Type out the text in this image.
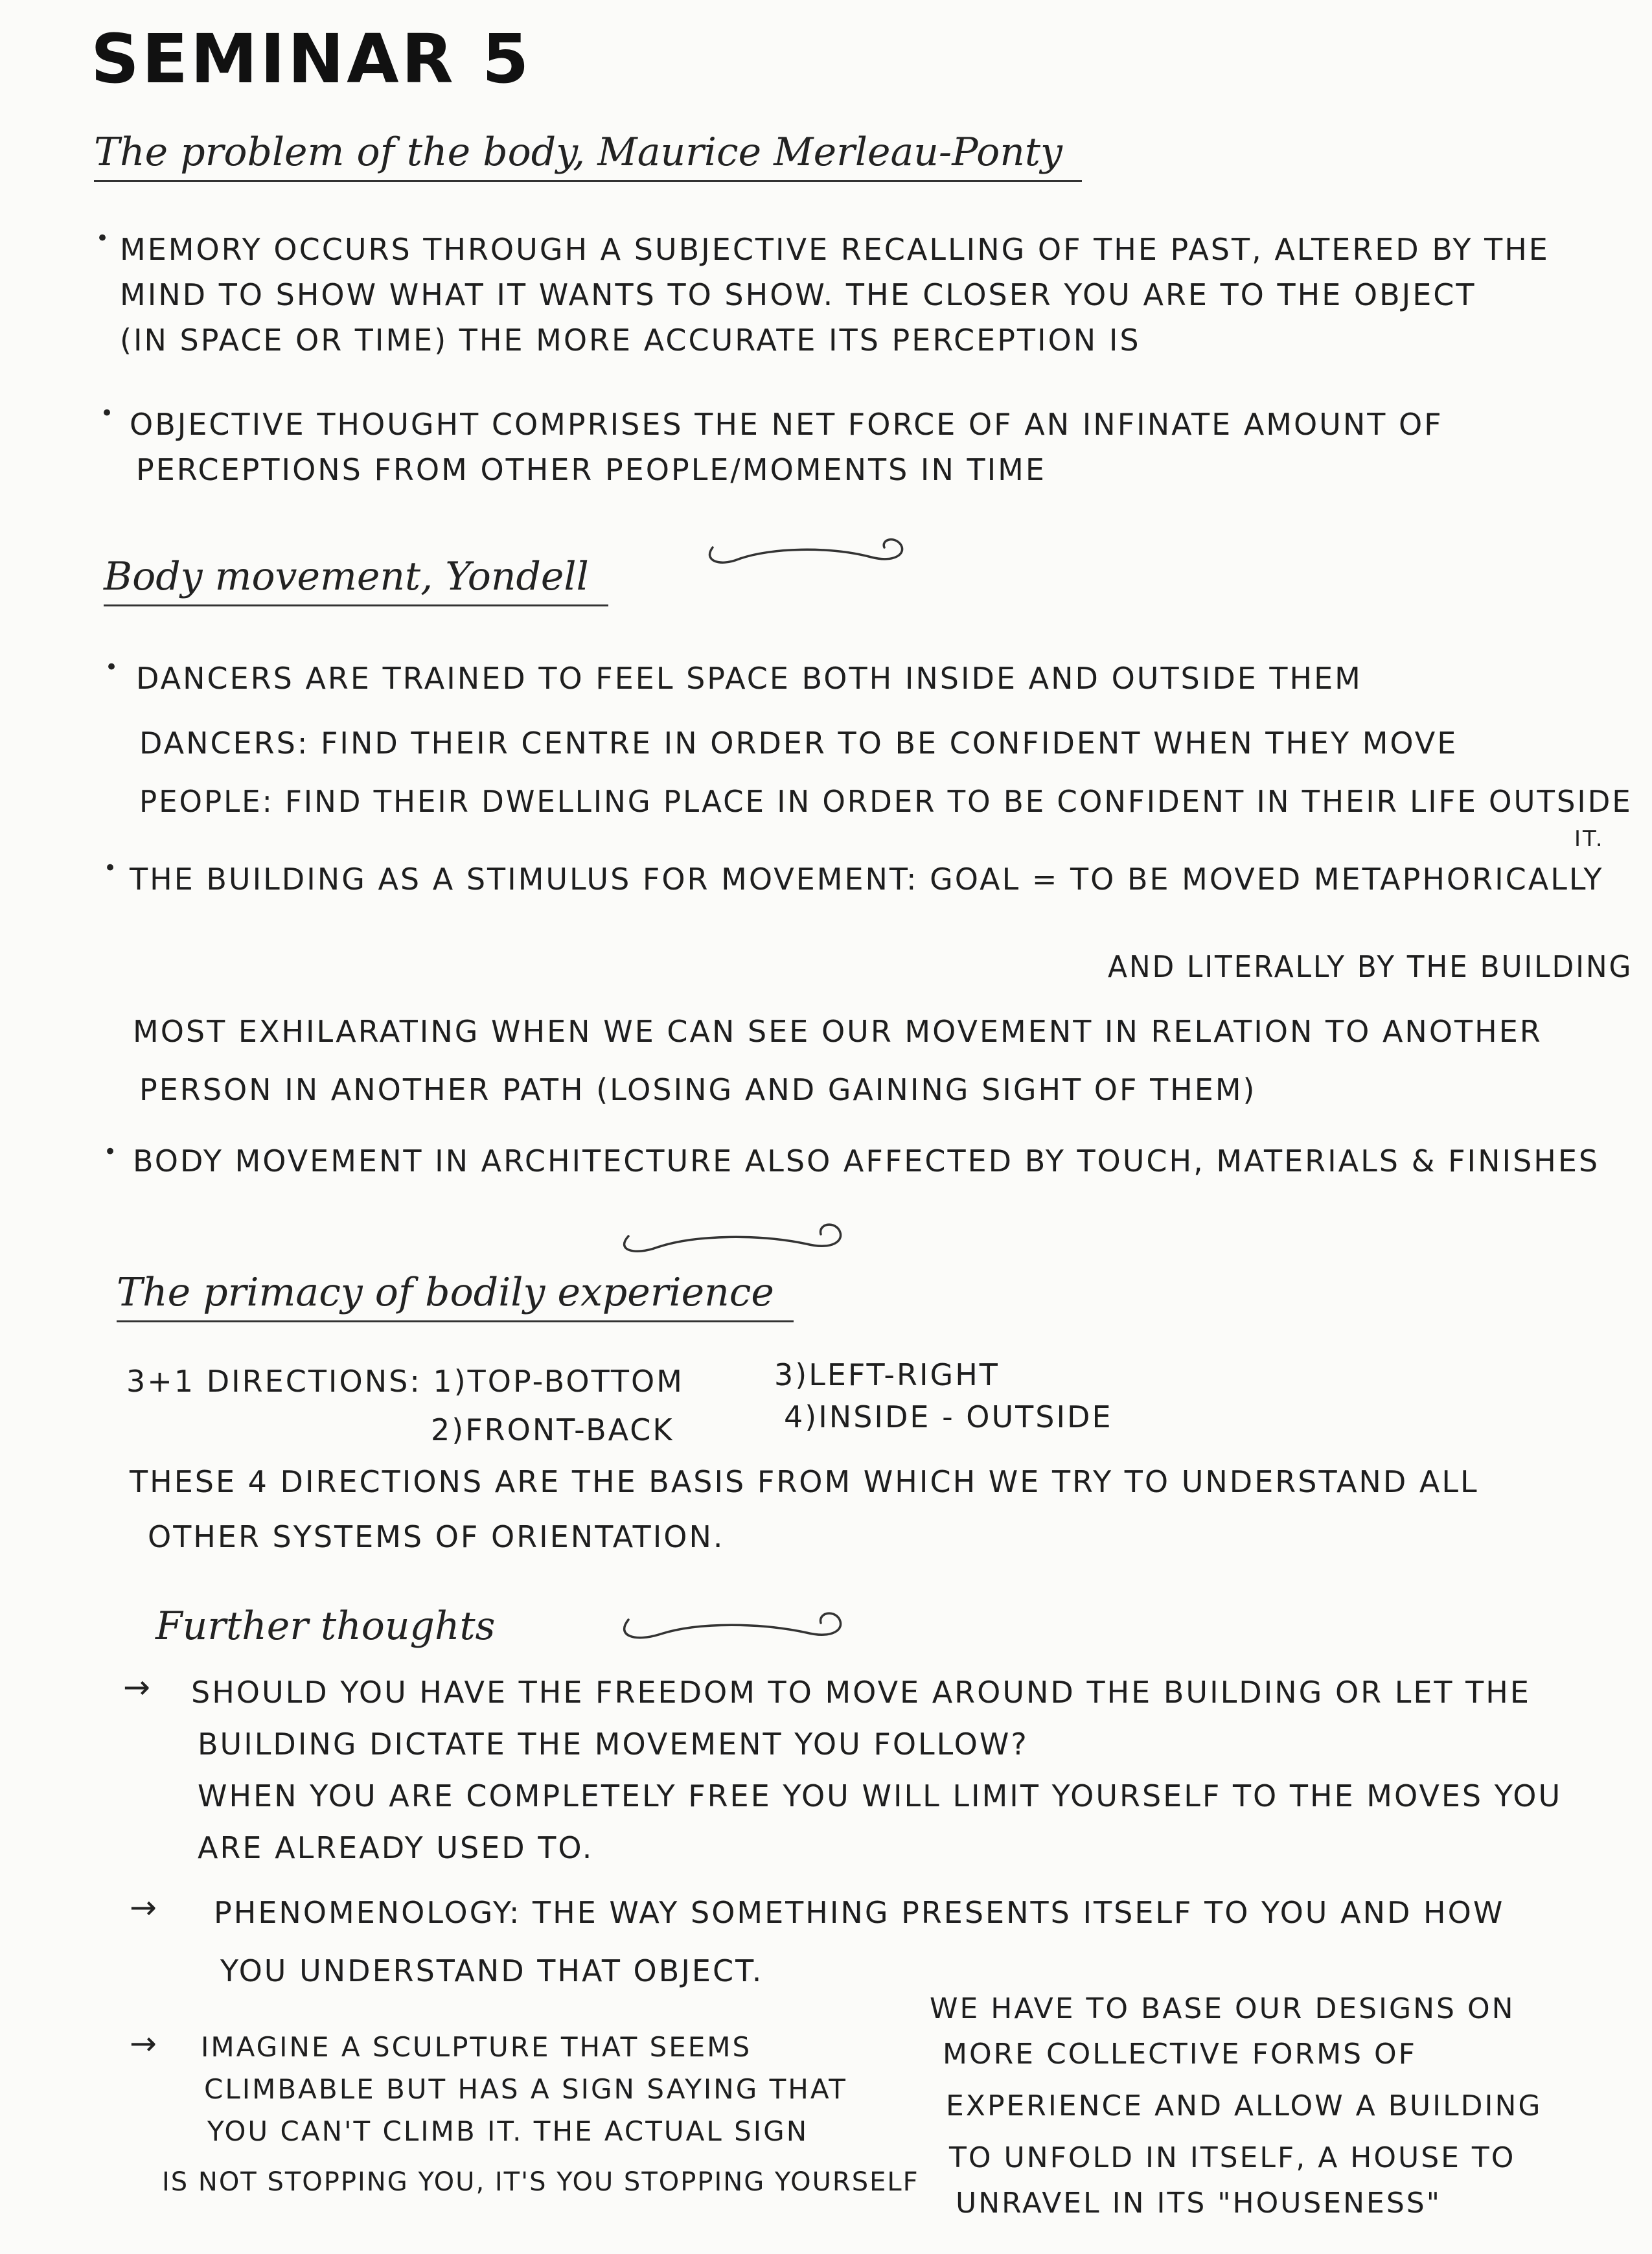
SEMINAR 5
The problem of the body, Maurice Merleau-Ponty
• MEMORY OCCURS THROUGH A SUBJECTIVE RECALLING OF THE PAST, ALTERED BY THE
MIND TO SHOW WHAT IT WANTS TO SHOW. THE CLOSER YOU ARE TO THE OBJECT
(IN SPACE OR TIME) THE MORE ACCURATE ITS PERCEPTION IS
• OBJECTIVE THOUGHT COMPRISES THE NET FORCE OF AN INFINATE AMOUNT OF
PERCEPTIONS FROM OTHER PEOPLE/MOMENTS IN TIME
Body movement, Yondell
• DANCERS ARE TRAINED TO FEEL SPACE BOTH INSIDE AND OUTSIDE THEM
DANCERS: FIND THEIR CENTRE IN ORDER TO BE CONFIDENT WHEN THEY MOVE
PEOPLE: FIND THEIR DWELLING PLACE IN ORDER TO BE CONFIDENT IN THEIR LIFE OUTSIDE
IT.
• THE BUILDING AS A STIMULUS FOR MOVEMENT: GOAL = TO BE MOVED METAPHORICALLY
AND LITERALLY BY THE BUILDING
MOST EXHILARATING WHEN WE CAN SEE OUR MOVEMENT IN RELATION TO ANOTHER
PERSON IN ANOTHER PATH (LOSING AND GAINING SIGHT OF THEM)
• BODY MOVEMENT IN ARCHITECTURE ALSO AFFECTED BY TOUCH, MATERIALS & FINISHES
The primacy of bodily experience
3+1 DIRECTIONS: 1)TOP-BOTTOM	3)LEFT-RIGHT
2)FRONT-BACK	4)INSIDE - OUTSIDE
THESE 4 DIRECTIONS ARE THE BASIS FROM WHICH WE TRY TO UNDERSTAND ALL
OTHER SYSTEMS OF ORIENTATION.
Further thoughts
→ SHOULD YOU HAVE THE FREEDOM TO MOVE AROUND THE BUILDING OR LET THE
BUILDING DICTATE THE MOVEMENT YOU FOLLOW?
WHEN YOU ARE COMPLETELY FREE YOU WILL LIMIT YOURSELF TO THE MOVES YOU
ARE ALREADY USED TO.
→ PHENOMENOLOGY: THE WAY SOMETHING PRESENTS ITSELF TO YOU AND HOW
YOU UNDERSTAND THAT OBJECT.
→ IMAGINE A SCULPTURE THAT SEEMS
CLIMBABLE BUT HAS A SIGN SAYING THAT
YOU CAN'T CLIMB IT. THE ACTUAL SIGN
IS NOT STOPPING YOU, IT'S YOU STOPPING YOURSELF
WE HAVE TO BASE OUR DESIGNS ON
MORE COLLECTIVE FORMS OF
EXPERIENCE AND ALLOW A BUILDING
TO UNFOLD IN ITSELF, A HOUSE TO
UNRAVEL IN ITS "HOUSENESS"
